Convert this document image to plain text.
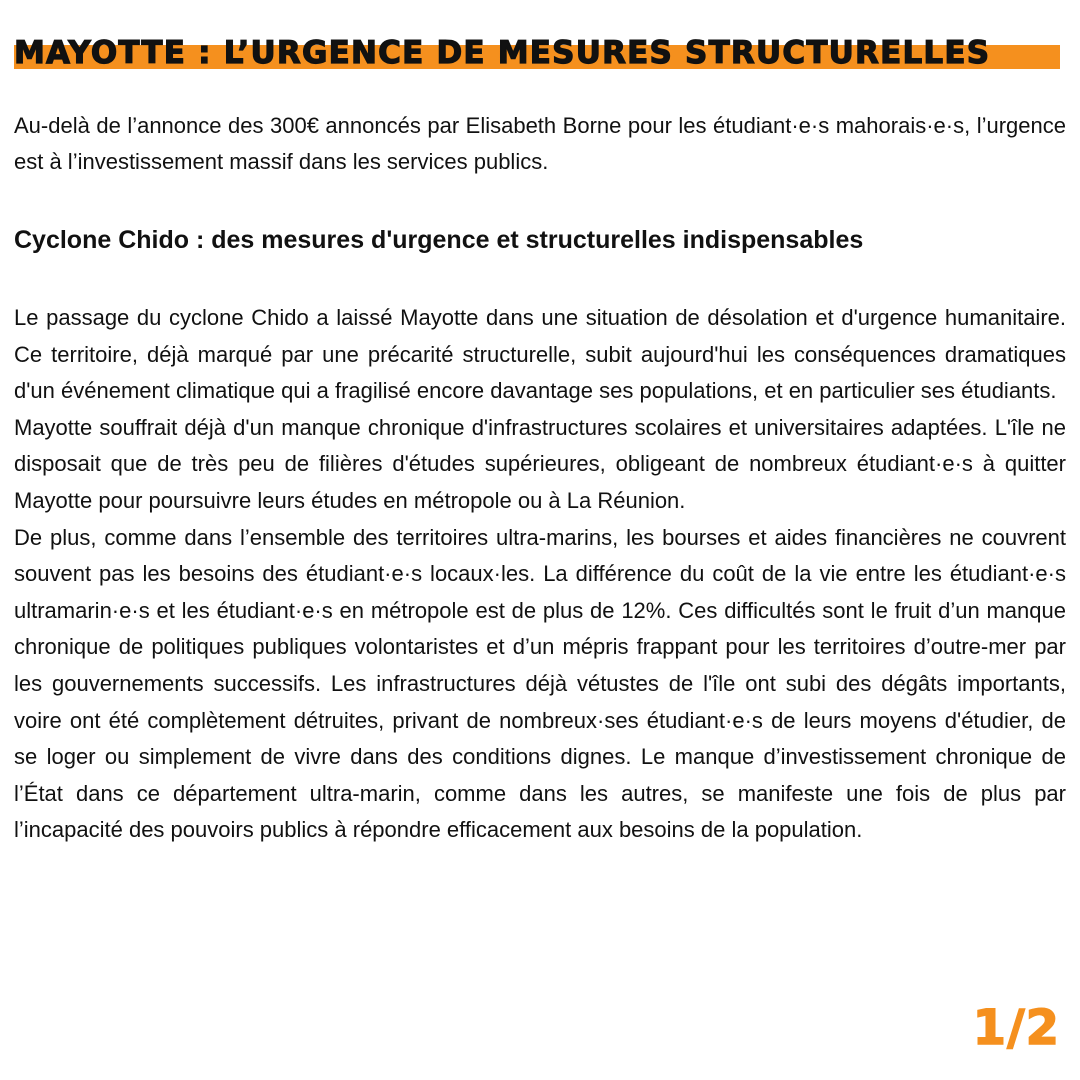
MAYOTTE : L’URGENCE DE MESURES STRUCTURELLES

Au-delà de l’annonce des 300€ annoncés par Elisabeth Borne pour les étudiant·e·s mahorais·e·s, l’urgence est à l’investissement massif dans les services publics.

Cyclone Chido : des mesures d'urgence et structurelles indispensables

Le passage du cyclone Chido a laissé Mayotte dans une situation de désolation et d'urgence humanitaire. Ce territoire, déjà marqué par une précarité structurelle, subit aujourd'hui les conséquences dramatiques d'un événement climatique qui a fragilisé encore davantage ses populations, et en particulier ses étudiants.

Mayotte souffrait déjà d'un manque chronique d'infrastructures scolaires et universitaires adaptées. L'île ne disposait que de très peu de filières d'études supérieures, obligeant de nombreux étudiant·e·s à quitter Mayotte pour poursuivre leurs études en métropole ou à La Réunion.

De plus, comme dans l’ensemble des territoires ultra-marins, les bourses et aides financières ne couvrent souvent pas les besoins des étudiant·e·s locaux·les. La différence du coût de la vie entre les étudiant·e·s ultramarin·e·s et les étudiant·e·s en métropole est de plus de 12%. Ces difficultés sont le fruit d’un manque chronique de politiques publiques volontaristes et d’un mépris frappant pour les territoires d’outre-mer par les gouvernements successifs. Les infrastructures déjà vétustes de l'île ont subi des dégâts importants, voire ont été complètement détruites, privant de nombreux·ses étudiant·e·s de leurs moyens d'étudier, de se loger ou simplement de vivre dans des conditions dignes. Le manque d’investissement chronique de l’État dans ce département ultra-marin, comme dans les autres, se manifeste une fois de plus par l’incapacité des pouvoirs publics à répondre efficacement aux besoins de la population.

1/2
